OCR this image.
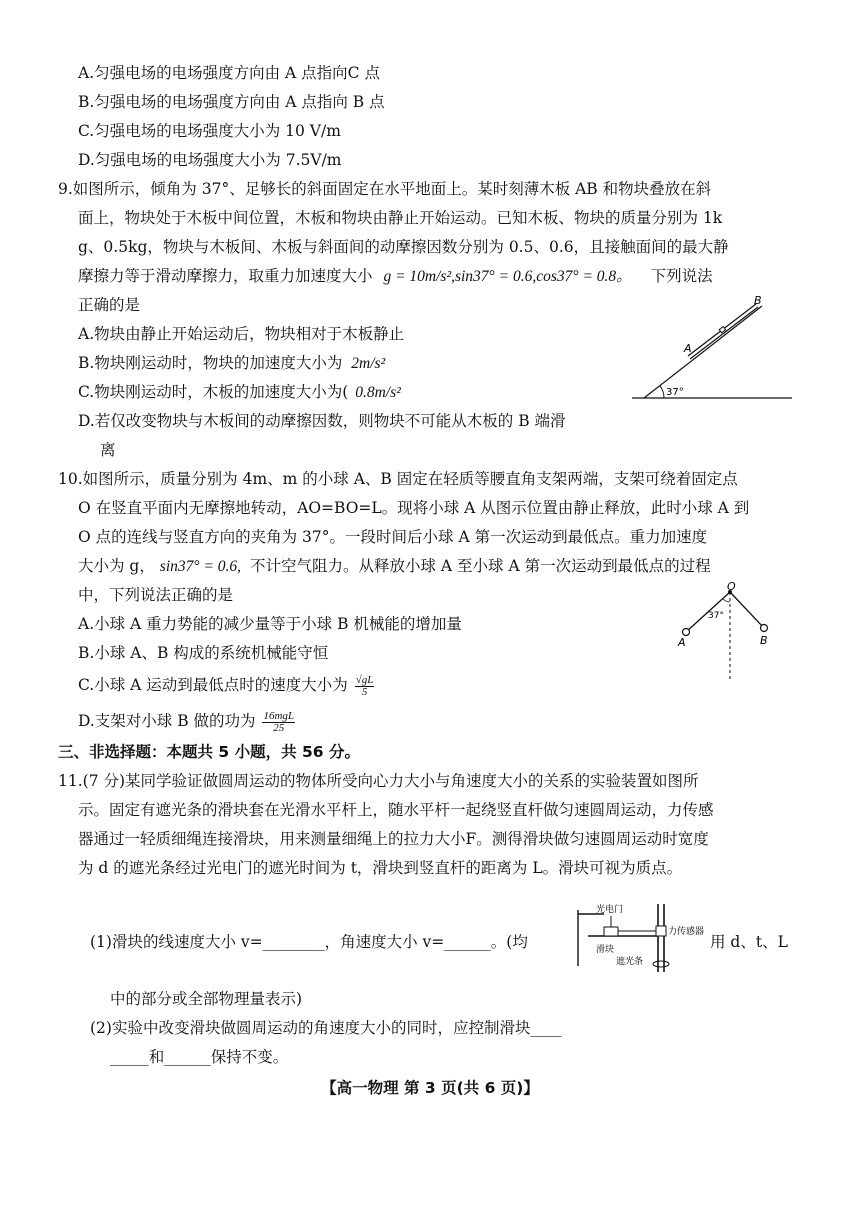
A.匀强电场的电场强度方向由 A 点指向C 点
B.匀强电场的电场强度方向由 A 点指向 B 点
C.匀强电场的电场强度大小为 10 V/m
D.匀强电场的电场强度大小为 7.5V/m
9.如图所示，倾角为 37°、足够长的斜面固定在水平地面上。某时刻薄木板 AB 和物块叠放在斜
面上，物块处于木板中间位置，木板和物块由静止开始运动。已知木板、物块的质量分别为 1k
g、0.5kg，物块与木板间、木板与斜面间的动摩擦因数分别为 0.5、0.6，且接触面间的最大静
摩擦力等于滑动摩擦力，取重力加速度大小 g = 10m/s²,sin37° = 0.6,cos37° = 0.8。 下列说法
正确的是
A.物块由静止开始运动后，物块相对于木板静止
B.物块刚运动时，物块的加速度大小为 2m/s²
C.物块刚运动时，木板的加速度大小为( 0.8m/s²
D.若仅改变物块与木板间的动摩擦因数，则物块不可能从木板的 B 端滑
离
37°
A
B
10.如图所示，质量分别为 4m、m 的小球 A、B 固定在轻质等腰直角支架两端，支架可绕着固定点
O 在竖直平面内无摩擦地转动，AO=BO=L。现将小球 A 从图示位置由静止释放，此时小球 A 到
O 点的连线与竖直方向的夹角为 37°。一段时间后小球 A 第一次运动到最低点。重力加速度
大小为 g， sin37° = 0.6, 不计空气阻力。从释放小球 A 至小球 A 第一次运动到最低点的过程
中，下列说法正确的是
A.小球 A 重力势能的减少量等于小球 B 机械能的增加量
B.小球 A、B 构成的系统机械能守恒
C.小球 A 运动到最低点时的速度大小为 $\frac{√gL}{5}$
D.支架对小球 B 做的功为 $\frac{\text{16mgL}}{25}$
37°
O
A	B
三、非选择题：本题共 5 小题，共 56 分。
11.(7 分)某同学验证做圆周运动的物体所受向心力大小与角速度大小的关系的实验装置如图所
示。固定有遮光条的滑块套在光滑水平杆上，随水平杆一起绕竖直杆做匀速圆周运动，力传感
器通过一轻质细绳连接滑块，用来测量细绳上的拉力大小F。测得滑块做匀速圆周运动时宽度
为 d 的遮光条经过光电门的遮光时间为 t，滑块到竖直杆的距离为 L。滑块可视为质点。
(1)滑块的线速度大小 v=________，角速度大小 v=______。(均	用 d、t、L
中的部分或全部物理量表示)
(2)实验中改变滑块做圆周运动的角速度大小的同时，应控制滑块____
_____和______保持不变。
光电门
力传感器
滑块
遮光条
【高一物理 第 3 页(共 6 页)】
